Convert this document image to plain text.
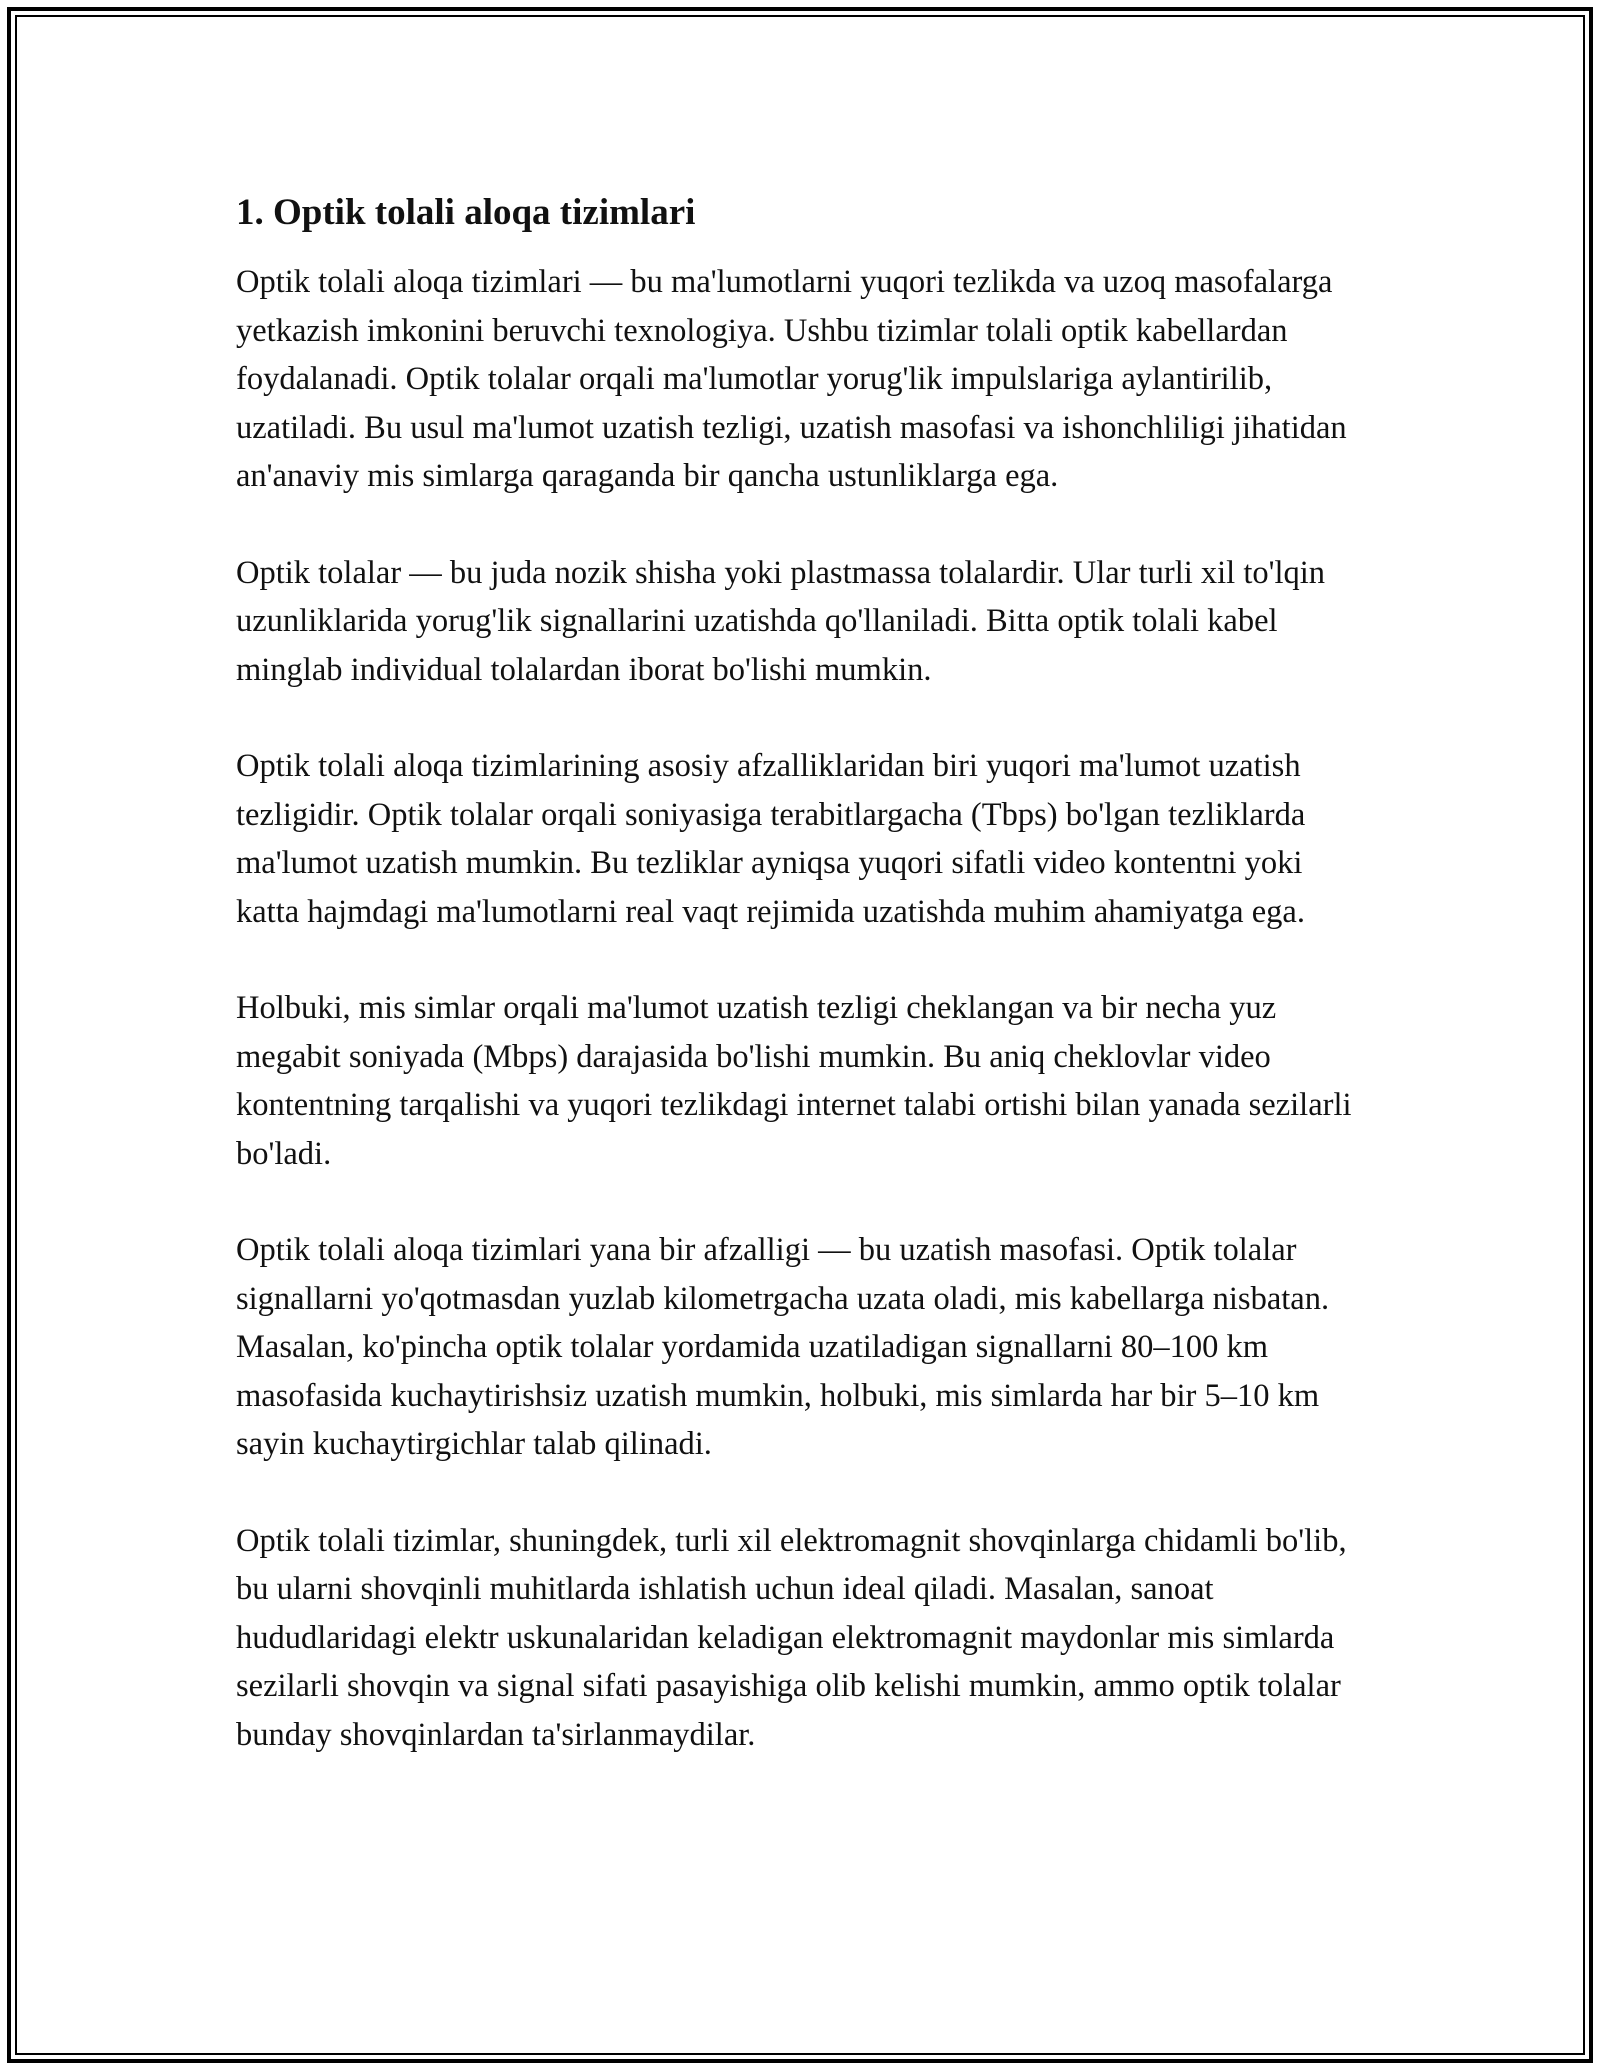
1. Optik tolali aloqa tizimlari

Optik tolali aloqa tizimlari — bu ma'lumotlarni yuqori tezlikda va uzoq masofalarga yetkazish imkonini beruvchi texnologiya. Ushbu tizimlar tolali optik kabellardan foydalanadi. Optik tolalar orqali ma'lumotlar yorug'lik impulslariga aylantirilib, uzatiladi. Bu usul ma'lumot uzatish tezligi, uzatish masofasi va ishonchliligi jihatidan an'anaviy mis simlarga qaraganda bir qancha ustunliklarga ega.

Optik tolalar — bu juda nozik shisha yoki plastmassa tolalardir. Ular turli xil to'lqin uzunliklarida yorug'lik signallarini uzatishda qo'llaniladi. Bitta optik tolali kabel minglab individual tolalardan iborat bo'lishi mumkin.

Optik tolali aloqa tizimlarining asosiy afzalliklaridan biri yuqori ma'lumot uzatish tezligidir. Optik tolalar orqali soniyasiga terabitlargacha (Tbps) bo'lgan tezliklarda ma'lumot uzatish mumkin. Bu tezliklar ayniqsa yuqori sifatli video kontentni yoki katta hajmdagi ma'lumotlarni real vaqt rejimida uzatishda muhim ahamiyatga ega.

Holbuki, mis simlar orqali ma'lumot uzatish tezligi cheklangan va bir necha yuz megabit soniyada (Mbps) darajasida bo'lishi mumkin. Bu aniq cheklovlar video kontentning tarqalishi va yuqori tezlikdagi internet talabi ortishi bilan yanada sezilarli bo'ladi.

Optik tolali aloqa tizimlari yana bir afzalligi — bu uzatish masofasi. Optik tolalar signallarni yo'qotmasdan yuzlab kilometrgacha uzata oladi, mis kabellarga nisbatan. Masalan, ko'pincha optik tolalar yordamida uzatiladigan signallarni 80–100 km masofasida kuchaytirishsiz uzatish mumkin, holbuki, mis simlarda har bir 5–10 km sayin kuchaytirgichlar talab qilinadi.

Optik tolali tizimlar, shuningdek, turli xil elektromagnit shovqinlarga chidamli bo'lib, bu ularni shovqinli muhitlarda ishlatish uchun ideal qiladi. Masalan, sanoat hududlaridagi elektr uskunalaridan keladigan elektromagnit maydonlar mis simlarda sezilarli shovqin va signal sifati pasayishiga olib kelishi mumkin, ammo optik tolalar bunday shovqinlardan ta'sirlanmaydilar.
